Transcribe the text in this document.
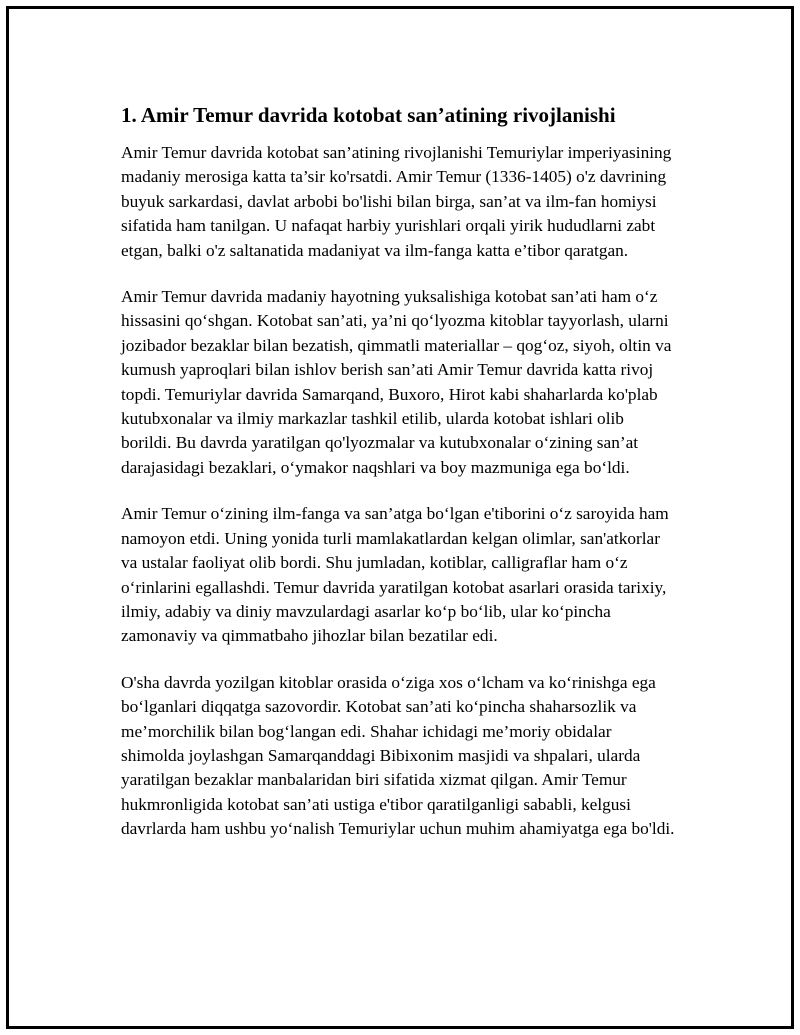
1. Amir Temur davrida kotobat san’atining rivojlanishi

Amir Temur davrida kotobat san’atining rivojlanishi Temuriylar imperiyasining madaniy merosiga katta ta’sir ko'rsatdi. Amir Temur (1336-1405) o'z davrining buyuk sarkardasi, davlat arbobi bo'lishi bilan birga, san’at va ilm-fan homiysi sifatida ham tanilgan. U nafaqat harbiy yurishlari orqali yirik hududlarni zabt etgan, balki o'z saltanatida madaniyat va ilm-fanga katta e’tibor qaratgan.

Amir Temur davrida madaniy hayotning yuksalishiga kotobat san’ati ham o‘z hissasini qo‘shgan. Kotobat san’ati, ya’ni qo‘lyozma kitoblar tayyorlash, ularni jozibador bezaklar bilan bezatish, qimmatli materiallar – qog‘oz, siyoh, oltin va kumush yaproqlari bilan ishlov berish san’ati Amir Temur davrida katta rivoj topdi. Temuriylar davrida Samarqand, Buxoro, Hirot kabi shaharlarda ko'plab kutubxonalar va ilmiy markazlar tashkil etilib, ularda kotobat ishlari olib borildi. Bu davrda yaratilgan qo'lyozmalar va kutubxonalar o‘zining san’at darajasidagi bezaklari, o‘ymakor naqshlari va boy mazmuniga ega bo‘ldi.

Amir Temur o‘zining ilm-fanga va san’atga bo‘lgan e'tiborini o‘z saroyida ham namoyon etdi. Uning yonida turli mamlakatlardan kelgan olimlar, san'atkorlar va ustalar faoliyat olib bordi. Shu jumladan, kotiblar, calligraflar ham o‘z o‘rinlarini egallashdi. Temur davrida yaratilgan kotobat asarlari orasida tarixiy, ilmiy, adabiy va diniy mavzulardagi asarlar ko‘p bo‘lib, ular ko‘pincha zamonaviy va qimmatbaho jihozlar bilan bezatilar edi.

O'sha davrda yozilgan kitoblar orasida o‘ziga xos o‘lcham va ko‘rinishga ega bo‘lganlari diqqatga sazovordir. Kotobat san’ati ko‘pincha shaharsozlik va me’morchilik bilan bog‘langan edi. Shahar ichidagi me’moriy obidalar shimolda joylashgan Samarqanddagi Bibixonim masjidi va shpalari, ularda yaratilgan bezaklar manbalaridan biri sifatida xizmat qilgan. Amir Temur hukmronligida kotobat san’ati ustiga e'tibor qaratilganligi sababli, kelgusi davrlarda ham ushbu yo‘nalish Temuriylar uchun muhim ahamiyatga ega bo'ldi.
